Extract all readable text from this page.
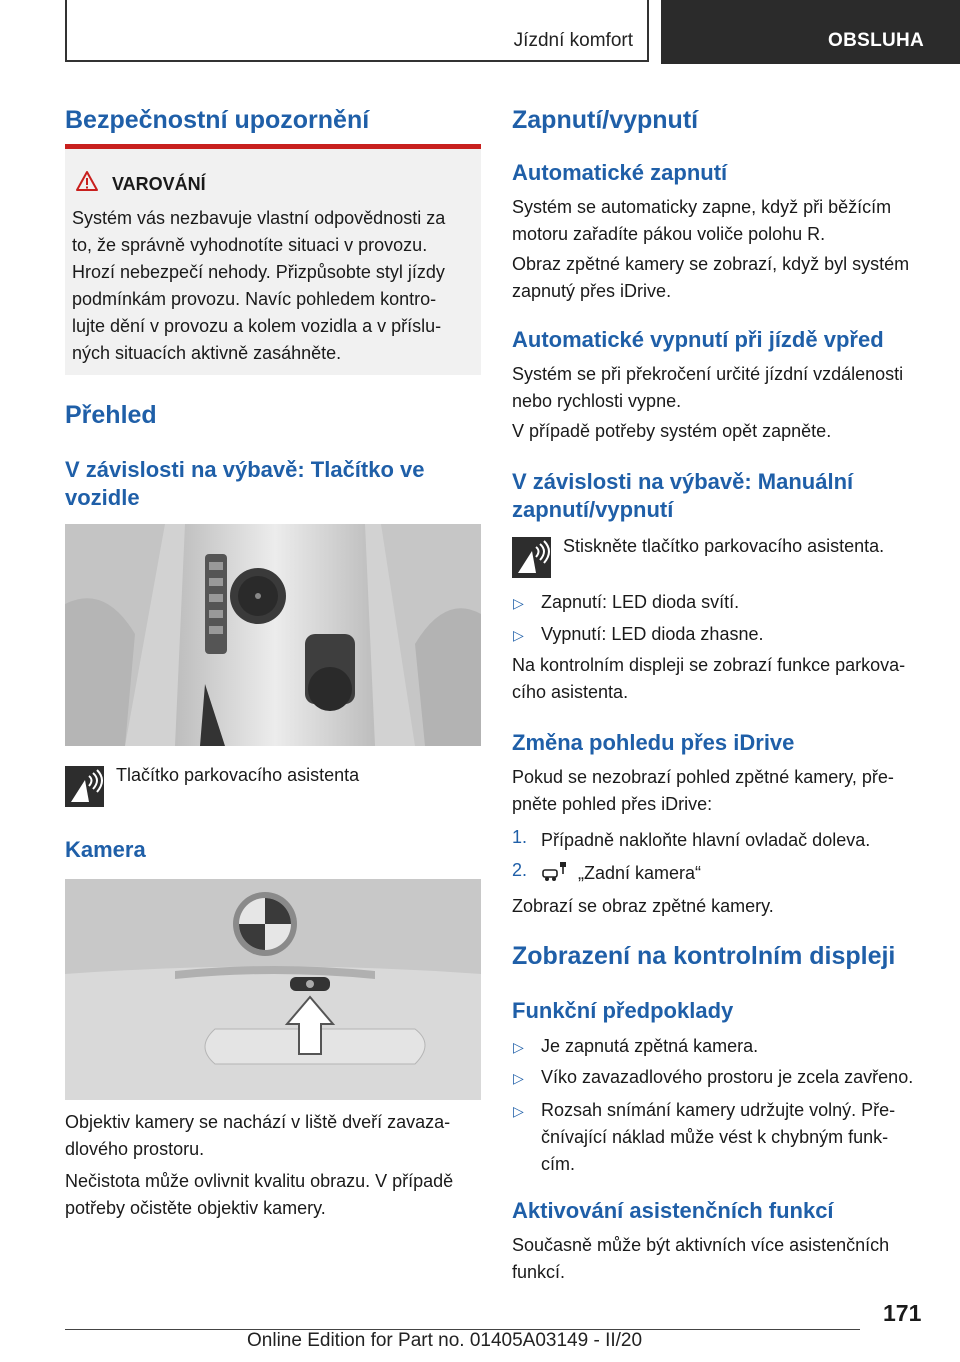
Jízdní komfort	OBSLUHA
Bezpečnostní upozornění
VAROVÁNÍ
Systém vás nezbavuje vlastní odpovědnosti za
to, že správně vyhodnotíte situaci v provozu.
Hrozí nebezpečí nehody. Přizpůsobte styl jízdy
podmínkám provozu. Navíc pohledem kontro-
lujte dění v provozu a kolem vozidla a v příslu-
ných situacích aktivně zasáhněte.
Přehled
V závislosti na výbavě: Tlačítko ve
vozidle
Tlačítko parkovacího asistenta
Kamera
Objektiv kamery se nachází v liště dveří zavaza-
dlového prostoru.
Nečistota může ovlivnit kvalitu obrazu. V případě
potřeby očistěte objektiv kamery.
Zapnutí/vypnutí
Automatické zapnutí
Systém se automaticky zapne, když při běžícím
motoru zařadíte pákou voliče polohu R.
Obraz zpětné kamery se zobrazí, když byl systém
zapnutý přes iDrive.
Automatické vypnutí při jízdě vpřed
Systém se při překročení určité jízdní vzdálenosti
nebo rychlosti vypne.
V případě potřeby systém opět zapněte.
V závislosti na výbavě: Manuální
zapnutí/vypnutí
Stiskněte tlačítko parkovacího asistenta.
▷ Zapnutí: LED dioda svítí.
▷ Vypnutí: LED dioda zhasne.
Na kontrolním displeji se zobrazí funkce parkova-
cího asistenta.
Změna pohledu přes iDrive
Pokud se nezobrazí pohled zpětné kamery, pře-
pněte pohled přes iDrive:
1. Případně nakloňte hlavní ovladač doleva.
2.	„Zadní kamera“
Zobrazí se obraz zpětné kamery.
Zobrazení na kontrolním displeji
Funkční předpoklady
▷ Je zapnutá zpětná kamera.
▷ Víko zavazadlového prostoru je zcela zavřeno.
▷ Rozsah snímání kamery udržujte volný. Pře-
čnívající náklad může vést k chybným funk-
cím.
Aktivování asistenčních funkcí
Současně může být aktivních více asistenčních
funkcí.
171
Online Edition for Part no. 01405A03149 - II/20
